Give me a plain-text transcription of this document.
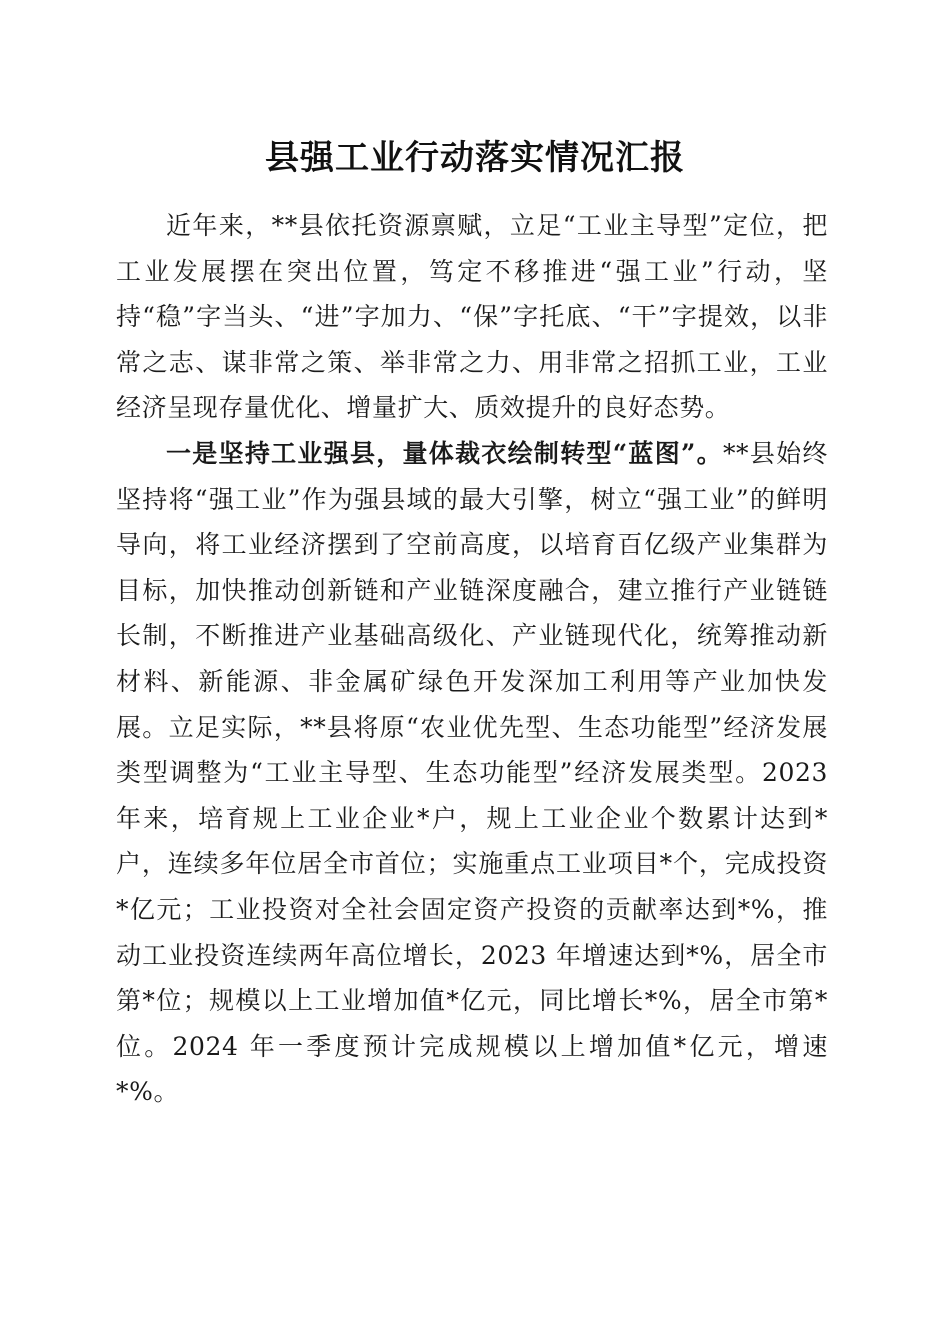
县强工业行动落实情况汇报

近年来，**县依托资源禀赋，立足“工业主导型”定位，把工业发展摆在突出位置，笃定不移推进“强工业”行动，坚持“稳”字当头、“进”字加力、“保”字托底、“干”字提效，以非常之志、谋非常之策、举非常之力、用非常之招抓工业，工业经济呈现存量优化、增量扩大、质效提升的良好态势。

一是坚持工业强县，量体裁衣绘制转型“蓝图”。**县始终坚持将“强工业”作为强县域的最大引擎，树立“强工业”的鲜明导向，将工业经济摆到了空前高度，以培育百亿级产业集群为目标，加快推动创新链和产业链深度融合，建立推行产业链链长制，不断推进产业基础高级化、产业链现代化，统筹推动新材料、新能源、非金属矿绿色开发深加工利用等产业加快发展。立足实际，**县将原“农业优先型、生态功能型”经济发展类型调整为“工业主导型、生态功能型”经济发展类型。2023 年来，培育规上工业企业*户，规上工业企业个数累计达到*户，连续多年位居全市首位；实施重点工业项目*个，完成投资*亿元；工业投资对全社会固定资产投资的贡献率达到*%，推动工业投资连续两年高位增长，2023 年增速达到*%，居全市第*位；规模以上工业增加值*亿元，同比增长*%，居全市第*位。2024 年一季度预计完成规模以上增加值*亿元，增速*%。
